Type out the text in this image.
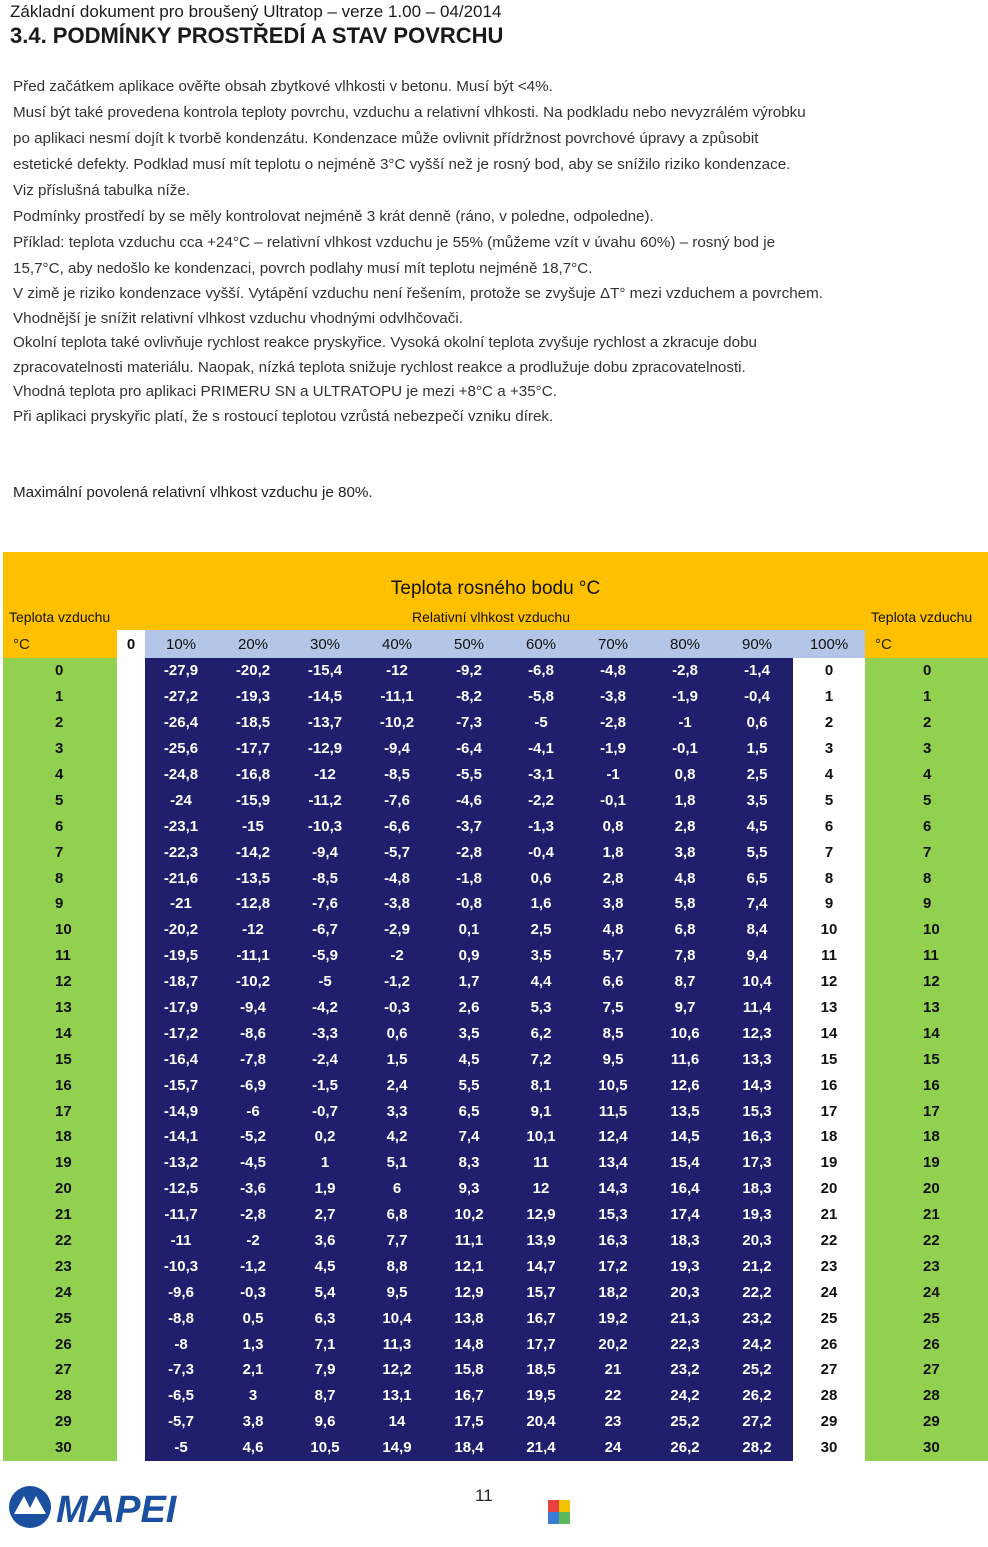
Základní dokument pro broušený Ultratop – verze 1.00 – 04/2014
3.4. PODMÍNKY PROSTŘEDÍ A STAV POVRCHU

Před začátkem aplikace ověřte obsah zbytkové vlhkosti v betonu. Musí být <4%.

Musí být také provedena kontrola teploty povrchu, vzduchu a relativní vlhkosti. Na podkladu nebo nevyzrálém výrobku

po aplikaci nesmí dojít k tvorbě kondenzátu. Kondenzace může ovlivnit přídržnost povrchové úpravy a způsobit

estetické defekty. Podklad musí mít teplotu o nejméně 3°C vyšší než je rosný bod, aby se snížilo riziko kondenzace.

Viz příslušná tabulka níže.

Podmínky prostředí by se měly kontrolovat nejméně 3 krát denně (ráno, v poledne, odpoledne).

Příklad: teplota vzduchu cca +24°C – relativní vlhkost vzduchu je 55% (můžeme vzít v úvahu 60%) – rosný bod je

15,7°C, aby nedošlo ke kondenzaci, povrch podlahy musí mít teplotu nejméně 18,7°C.

V zimě je riziko kondenzace vyšší. Vytápění vzduchu není řešením, protože se zvyšuje ΔT° mezi vzduchem a povrchem.

Vhodnější je snížit relativní vlhkost vzduchu vhodnými odvlhčovači.

Okolní teplota také ovlivňuje rychlost reakce pryskyřice. Vysoká okolní teplota zvyšuje rychlost a zkracuje dobu

zpracovatelnosti materiálu. Naopak, nízká teplota snižuje rychlost reakce a prodlužuje dobu zpracovatelnosti.

Vhodná teplota pro aplikaci PRIMERU SN a ULTRATOPU je mezi +8°C a +35°C.

Při aplikaci pryskyřic platí, že s rostoucí teplotou vzrůstá nebezpečí vzniku dírek.

Maximální povolená relativní vlhkost vzduchu je 80%.
Teplota rosného bodu °C												
Teplota vzduchu	Relativní vlhkost vzduchu											Teplota vzduchu
°C	0	10%	20%	30%	40%	50%	60%	70%	80%	90%	100%	°C
0		-27,9	-20,2	-15,4	-12	-9,2	-6,8	-4,8	-2,8	-1,4	0	0
1		-27,2	-19,3	-14,5	-11,1	-8,2	-5,8	-3,8	-1,9	-0,4	1	1
2		-26,4	-18,5	-13,7	-10,2	-7,3	-5	-2,8	-1	0,6	2	2
3		-25,6	-17,7	-12,9	-9,4	-6,4	-4,1	-1,9	-0,1	1,5	3	3
4		-24,8	-16,8	-12	-8,5	-5,5	-3,1	-1	0,8	2,5	4	4
5		-24	-15,9	-11,2	-7,6	-4,6	-2,2	-0,1	1,8	3,5	5	5
6		-23,1	-15	-10,3	-6,6	-3,7	-1,3	0,8	2,8	4,5	6	6
7		-22,3	-14,2	-9,4	-5,7	-2,8	-0,4	1,8	3,8	5,5	7	7
8		-21,6	-13,5	-8,5	-4,8	-1,8	0,6	2,8	4,8	6,5	8	8
9		-21	-12,8	-7,6	-3,8	-0,8	1,6	3,8	5,8	7,4	9	9
10		-20,2	-12	-6,7	-2,9	0,1	2,5	4,8	6,8	8,4	10	10
11		-19,5	-11,1	-5,9	-2	0,9	3,5	5,7	7,8	9,4	11	11
12		-18,7	-10,2	-5	-1,2	1,7	4,4	6,6	8,7	10,4	12	12
13		-17,9	-9,4	-4,2	-0,3	2,6	5,3	7,5	9,7	11,4	13	13
14		-17,2	-8,6	-3,3	0,6	3,5	6,2	8,5	10,6	12,3	14	14
15		-16,4	-7,8	-2,4	1,5	4,5	7,2	9,5	11,6	13,3	15	15
16		-15,7	-6,9	-1,5	2,4	5,5	8,1	10,5	12,6	14,3	16	16
17		-14,9	-6	-0,7	3,3	6,5	9,1	11,5	13,5	15,3	17	17
18		-14,1	-5,2	0,2	4,2	7,4	10,1	12,4	14,5	16,3	18	18
19		-13,2	-4,5	1	5,1	8,3	11	13,4	15,4	17,3	19	19
20		-12,5	-3,6	1,9	6	9,3	12	14,3	16,4	18,3	20	20
21		-11,7	-2,8	2,7	6,8	10,2	12,9	15,3	17,4	19,3	21	21
22		-11	-2	3,6	7,7	11,1	13,9	16,3	18,3	20,3	22	22
23		-10,3	-1,2	4,5	8,8	12,1	14,7	17,2	19,3	21,2	23	23
24		-9,6	-0,3	5,4	9,5	12,9	15,7	18,2	20,3	22,2	24	24
25		-8,8	0,5	6,3	10,4	13,8	16,7	19,2	21,3	23,2	25	25
26		-8	1,3	7,1	11,3	14,8	17,7	20,2	22,3	24,2	26	26
27		-7,3	2,1	7,9	12,2	15,8	18,5	21	23,2	25,2	27	27
28		-6,5	3	8,7	13,1	16,7	19,5	22	24,2	26,2	28	28
29		-5,7	3,8	9,6	14	17,5	20,4	23	25,2	27,2	29	29
30		-5	4,6	10,5	14,9	18,4	21,4	24	26,2	28,2	30	30
MAPEI	11
